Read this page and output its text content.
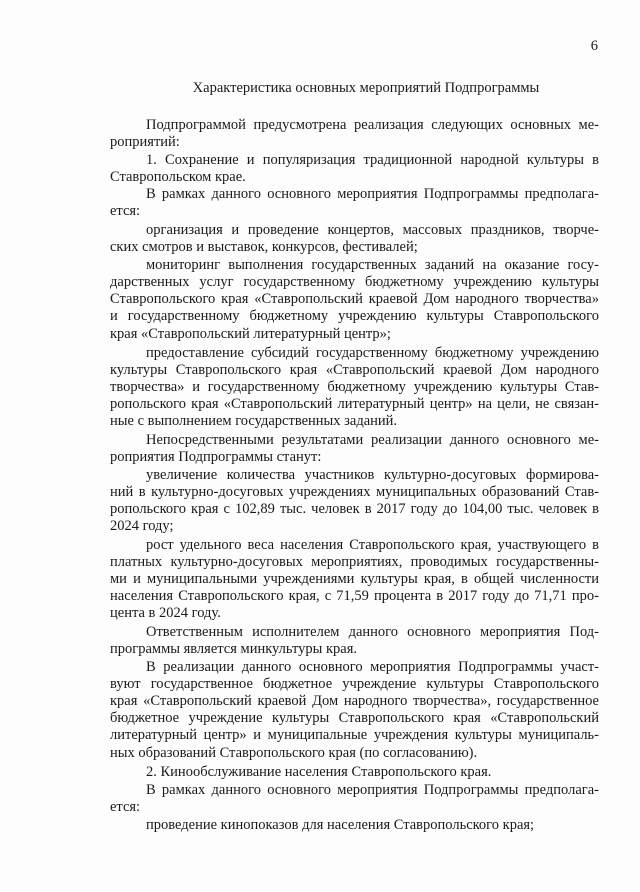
6
Характеристика основных мероприятий Подпрограммы
Подпрограммой предусмотрена реализация следующих основных ме-
роприятий:
1. Сохранение и популяризация традиционной народной культуры в
Ставропольском крае.
В рамках данного основного мероприятия Подпрограммы предполага-
ется:
организация и проведение концертов, массовых праздников, творче-
ских смотров и выставок, конкурсов, фестивалей;
мониторинг выполнения государственных заданий на оказание госу-
дарственных услуг государственному бюджетному учреждению культуры
Ставропольского края «Ставропольский краевой Дом народного творчества»
и государственному бюджетному учреждению культуры Ставропольского
края «Ставропольский литературный центр»;
предоставление субсидий государственному бюджетному учреждению
культуры Ставропольского края «Ставропольский краевой Дом народного
творчества» и государственному бюджетному учреждению культуры Став-
ропольского края «Ставропольский литературный центр» на цели, не связан-
ные с выполнением государственных заданий.
Непосредственными результатами реализации данного основного ме-
роприятия Подпрограммы станут:
увеличение количества участников культурно-досуговых формирова-
ний в культурно-досуговых учреждениях муниципальных образований Став-
ропольского края с 102,89 тыс. человек в 2017 году до 104,00 тыс. человек в
2024 году;
рост удельного веса населения Ставропольского края, участвующего в
платных культурно-досуговых мероприятиях, проводимых государственны-
ми и муниципальными учреждениями культуры края, в общей численности
населения Ставропольского края, с 71,59 процента в 2017 году до 71,71 про-
цента в 2024 году.
Ответственным исполнителем данного основного мероприятия Под-
программы является минкультуры края.
В реализации данного основного мероприятия Подпрограммы участ-
вуют государственное бюджетное учреждение культуры Ставропольского
края «Ставропольский краевой Дом народного творчества», государственное
бюджетное учреждение культуры Ставропольского края «Ставропольский
литературный центр» и муниципальные учреждения культуры муниципаль-
ных образований Ставропольского края (по согласованию).
2. Кинообслуживание населения Ставропольского края.
В рамках данного основного мероприятия Подпрограммы предполага-
ется:
проведение кинопоказов для населения Ставропольского края;
